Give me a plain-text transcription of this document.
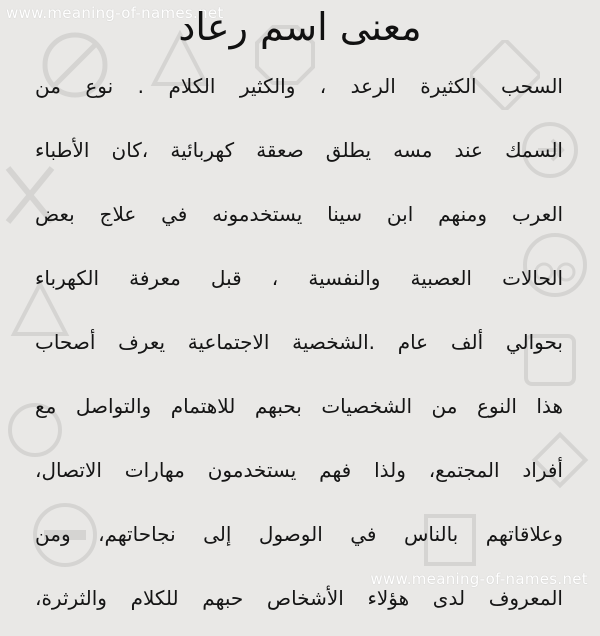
www.meaning-of-names.net
معنى اسم رعاد
السحب الكثيرة الرعد ، والكثير الكلام . نوع من
السمك عند مسه يطلق صعقة كهربائية ،كان الأطباء
العرب ومنهم ابن سينا يستخدمونه في علاج بعض
الحالات العصبية والنفسية ، قبل معرفة الكهرباء
بحوالي ألف عام .الشخصية الاجتماعية يعرف أصحاب
هذا النوع من الشخصيات بحبهم للاهتمام والتواصل مع
أفراد المجتمع، ولذا فهم يستخدمون مهارات الاتصال،
وعلاقاتهم بالناس في الوصول إلى نجاحاتهم، ومن
المعروف لدى هؤلاء الأشخاص حبهم للكلام والثرثرة،
www.meaning-of-names.net
